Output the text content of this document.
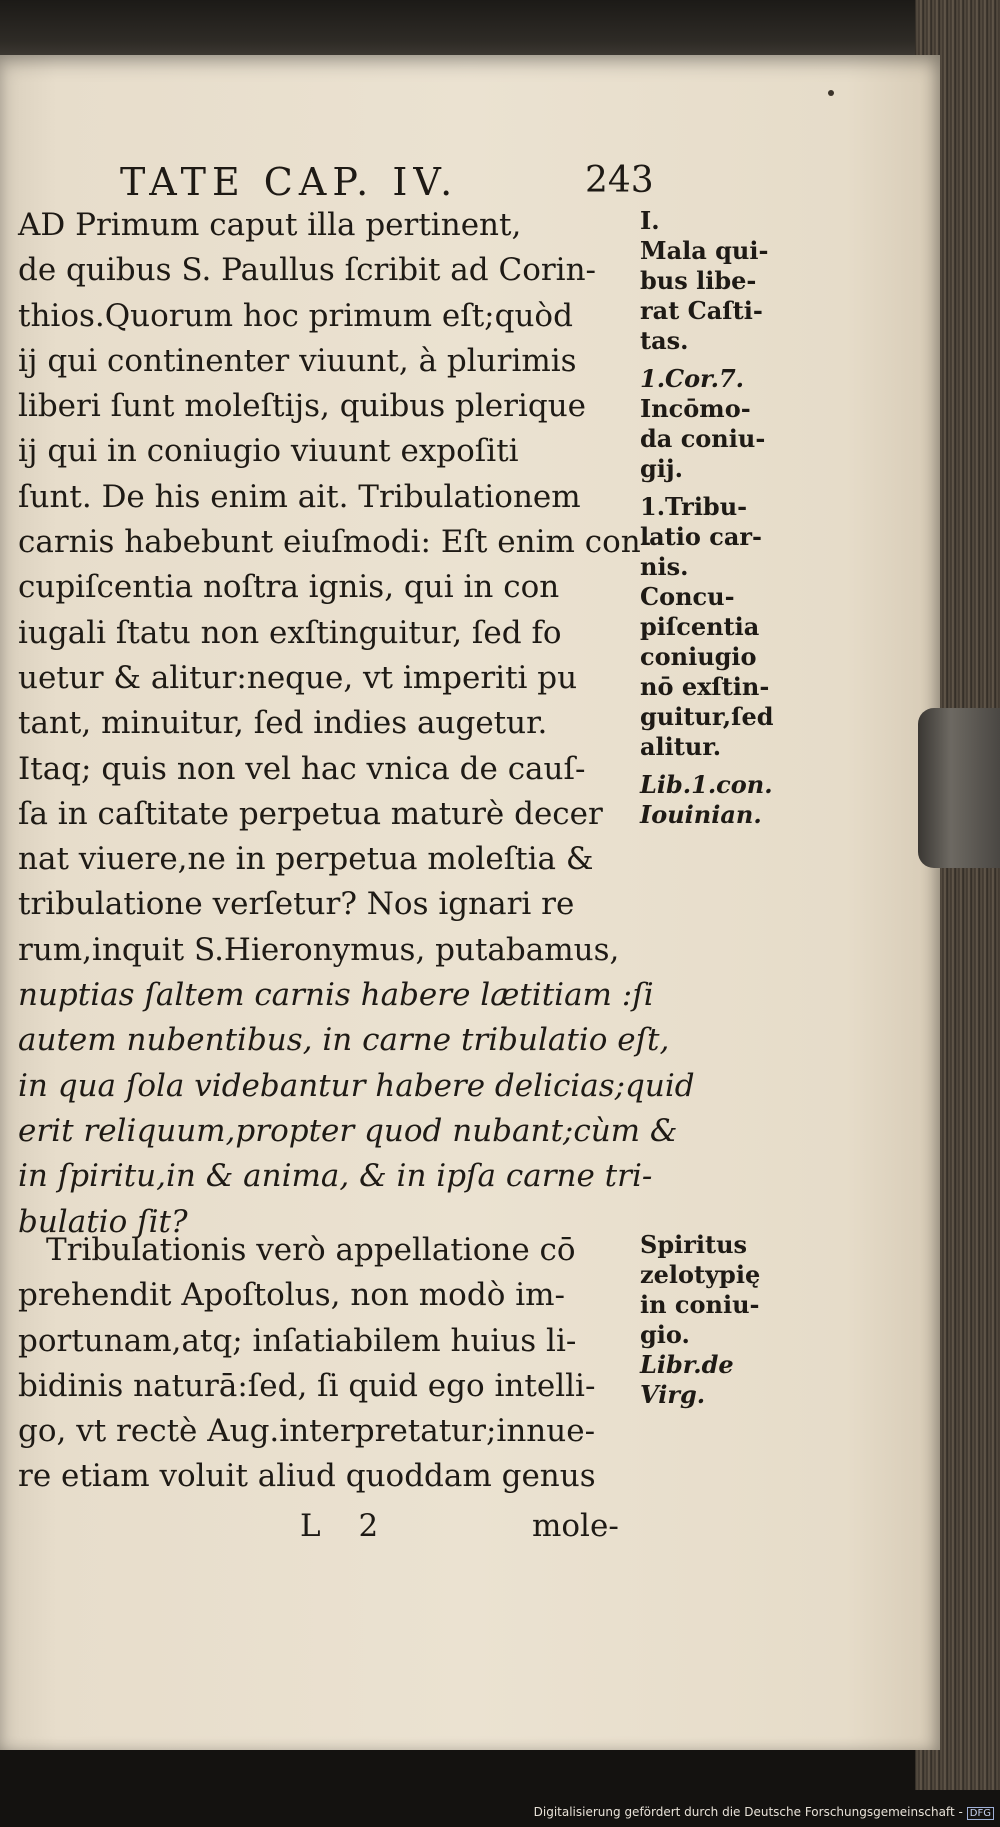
TATE CAP. IV.	243
AD Primum caput illa pertinent,
de quibus S. Paullus ſcribit ad Corin-
thios.Quorum hoc primum eſt;quòd
ij qui continenter viuunt, à plurimis
liberi ſunt moleſtijs, quibus plerique
ij qui in coniugio viuunt expoſiti
ſunt. De his enim ait. Tribulationem
carnis habebunt eiuſmodi: Eſt enim con-
cupiſcentia noſtra ignis, qui in con
iugali ſtatu non exſtinguitur, ſed fo
uetur & alitur:neque, vt imperiti pu
tant, minuitur, ſed indies augetur.
Itaq; quis non vel hac vnica de cauſ-
ſa in caſtitate perpetua maturè decer
nat viuere,ne in perpetua moleſtia &
tribulatione verſetur? Nos ignari re
rum,inquit S.Hieronymus, putabamus,
nuptias ſaltem carnis habere lætitiam :ſi
autem nubentibus, in carne tribulatio eſt,
in qua ſola videbantur habere delicias;quid
erit reliquum,propter quod nubant;cùm &
in ſpiritu,in & anima, & in ipſa carne tri-
bulatio ſit?
Tribulationis verò appellatione cō
prehendit Apoſtolus, non modò im-
portunam,atq; inſatiabilem huius li-
bidinis naturā:ſed, ſi quid ego intelli-
go, vt rectè Aug.interpretatur;innue-
re etiam voluit aliud quoddam genus
I.
Mala qui-
bus libe-
rat Caſti-
tas.
1.Cor.7.
Incōmo-
da coniu-
gij.
1.Tribu-
latio car-
nis.
Concu-
piſcentia
coniugio
nō exſtin-
guitur,ſed
alitur.
Lib.1.con.
Iouinian.
Spiritus
zelotypię
in coniu-
gio.
Libr.de
Virg.
L 2	mole-
Digitalisierung gefördert durch die Deutsche Forschungsgemeinschaft - DFG
